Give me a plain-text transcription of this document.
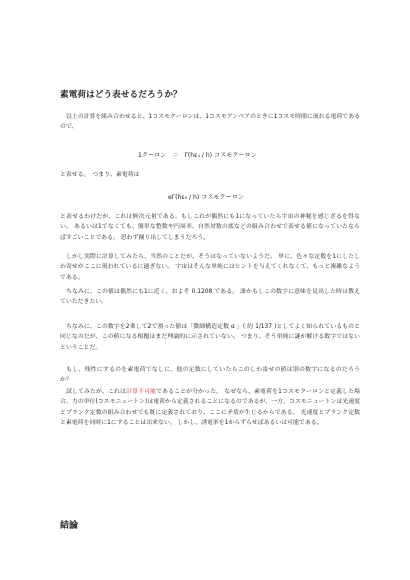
素電荷はどう表せるだろうか？
　以上の計算を組み合わせると、1コスモクーロンは、1コスモアンペアのときに1コスモ時間に流れる電荷であるので、
1クーロン　＝　Γ(hε₀ / h) コスモクーロン
と表せる。　つまり、素電荷は
eΓ(hε₀ / h) コスモクーロン
と表せるわけだが、これは無次元量である。もしこれが偶然にも1になっていたら宇宙の神秘を感じざるを得ない。 あるいは1でなくても、簡単な整数や円周率、自然対数の底などの組み合わせで表せる値になっていたならばすごいことである。 思わず踊り出してしまうだろう。
　しかし実際に計算してみたら、当然のことだが、そうはなっていないようだ。 単に、色々な定数を1にしたしわ寄せがここに現われているに過ぎない。 宇宙はそんな単純にはヒントを与えてくれなくて、もっと複雑なようである。
　ちなみに、この値は偶然にも1に近く、およそ 0.1208 である。 誰かもしこの数字に意味を見出した時は教えていただきたい。
　ちなみに、この数字を2乗して2で割った値は「微細構造定数 α 」( 約 1/137 )としてよく知られているものと同じなのだが、この値になる根拠はまだ理論的に示されていない。 つまり、そう単純に謎が解ける数字ではないということだ。
　もし、残性にするのを素電荷でなしに、他の定数にしていたらこのしわ寄せの値は別の数字になるのだろうか？
　試してみたが、これは計算不可能であることが分かった。 なぜなら、素電荷を1コスモクーロンと定義した場合、力の単位(コスモニュートン)は電荷から定義されることになるのであるが、一方、コスモニュートンは光速度とプランク定数の組み合わせでも既に定義されており、ここに矛盾が生じるからである。 光速度とプランク定数と素電荷を同時に1にすることは出来ない。 しかし、誘電率を1からずらせばあるいは可能である。
結論
